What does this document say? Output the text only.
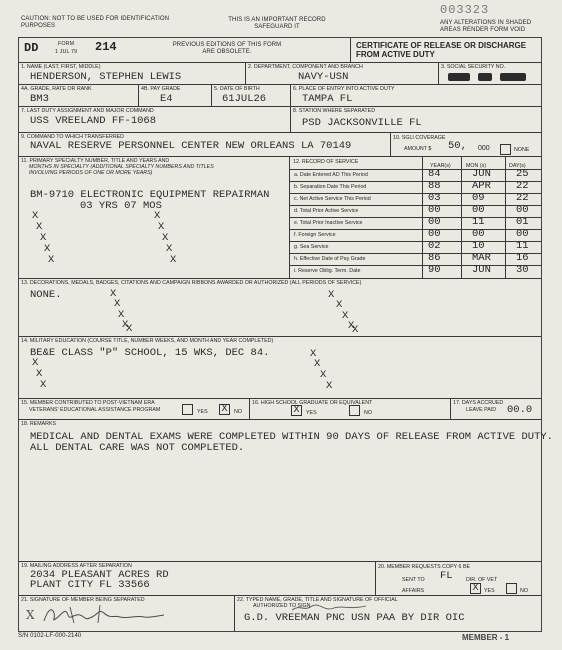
CAUTION: NOT TO BE USED FOR IDENTIFICATION PURPOSES
THIS IS AN IMPORTANT RECORD SAFEGUARD IT
003323
ANY ALTERATIONS IN SHADED AREAS RENDER FORM VOID
DD	FORM
1 JUL 79 214	PREVIOUS EDITIONS OF THIS FORM ARE OBSOLETE.
CERTIFICATE OF RELEASE OR DISCHARGE FROM ACTIVE DUTY
1. NAME (LAST, FIRST, MIDDLE)
HENDERSON, STEPHEN LEWIS
2. DEPARTMENT, COMPONENT AND BRANCH
NAVY-USN
3. SOCIAL SECURITY NO.
4A. GRADE, RATE OR RANK
BM3
4B. PAY GRADE
E4
5. DATE OF BIRTH
61JUL26
6. PLACE OF ENTRY INTO ACTIVE DUTY
TAMPA FL
7. LAST DUTY ASSIGNMENT AND MAJOR COMMAND
USS VREELAND FF-1068
8. STATION WHERE SEPARATED
PSD JACKSONVILLE FL
9. COMMAND TO WHICH TRANSFERRED
NAVAL RESERVE PERSONNEL CENTER NEW ORLEANS LA 70149
10. SGLI COVERAGE
AMOUNT $ 50, 000	NONE
11. PRIMARY SPECIALTY NUMBER, TITLE AND YEARS AND
MONTHS IN SPECIALTY (ADDITIONAL SPECIALTY NUMBERS AND TITLES
INVOLVING PERIODS OF ONE OR MORE YEARS)
BM-9710 ELECTRONIC EQUIPMENT REPAIRMAN
03 YRS 07 MOS
X
X
X
X
X
X
X
X
X
X
12. RECORD OF SERVICE
YEAR(s)	MON (s)	DAY(s)
a. Date Entered AD This Period	84	JUN 25
b. Separation Date This Period	88	APR 22
c. Net Active Service This Period	03	09	22
d. Total Prior Active Service	00	00	00
e. Total Prior Inactive Service	00	11	01
f. Foreign Service	00	00	00
g. Sea Service	02	10	11
h. Effective Date of Pay Grade	86	MAR 16
i. Reserve Oblig. Term. Date	90	JUN 30
13. DECORATIONS, MEDALS, BADGES, CITATIONS AND CAMPAIGN RIBBONS AWARDED OR AUTHORIZED (ALL PERIODS OF SERVICE)
NONE.	X
X
X
X
X
X
X
X
X
X
14. MILITARY EDUCATION (COURSE TITLE, NUMBER WEEKS, AND MONTH AND YEAR COMPLETED)
BE&E CLASS "P" SCHOOL, 15 WKS, DEC 84.
X
X
X
X
X
X
X
15. MEMBER CONTRIBUTED TO POST-VIETNAM ERA
VETERANS' EDUCATIONAL ASSISTANCE PROGRAM	YES X	NO
16. HIGH SCHOOL GRADUATE OR EQUIVALENT
X	YES	NO
17. DAYS ACCRUED
LEAVE PAID 00.0
18. REMARKS
MEDICAL AND DENTAL EXAMS WERE COMPLETED WITHIN 90 DAYS OF RELEASE FROM ACTIVE DUTY.
ALL DENTAL CARE WAS NOT COMPLETED.
19. MAILING ADDRESS AFTER SEPARATION
2034 PLEASANT ACRES RD
PLANT CITY FL 33566
20. MEMBER REQUESTS COPY 6 BE
SENT TO FL	DIR. OF VET
AFFAIRS	X	YES	NO
21. SIGNATURE OF MEMBER BEING SEPARATED
X
22. TYPED NAME, GRADE, TITLE AND SIGNATURE OF OFFICIAL
AUTHORIZED TO SIGN
G.D. VREEMAN PNC USN PAA BY DIR OIC
S/N 0102-LF-000-2140	MEMBER - 1
